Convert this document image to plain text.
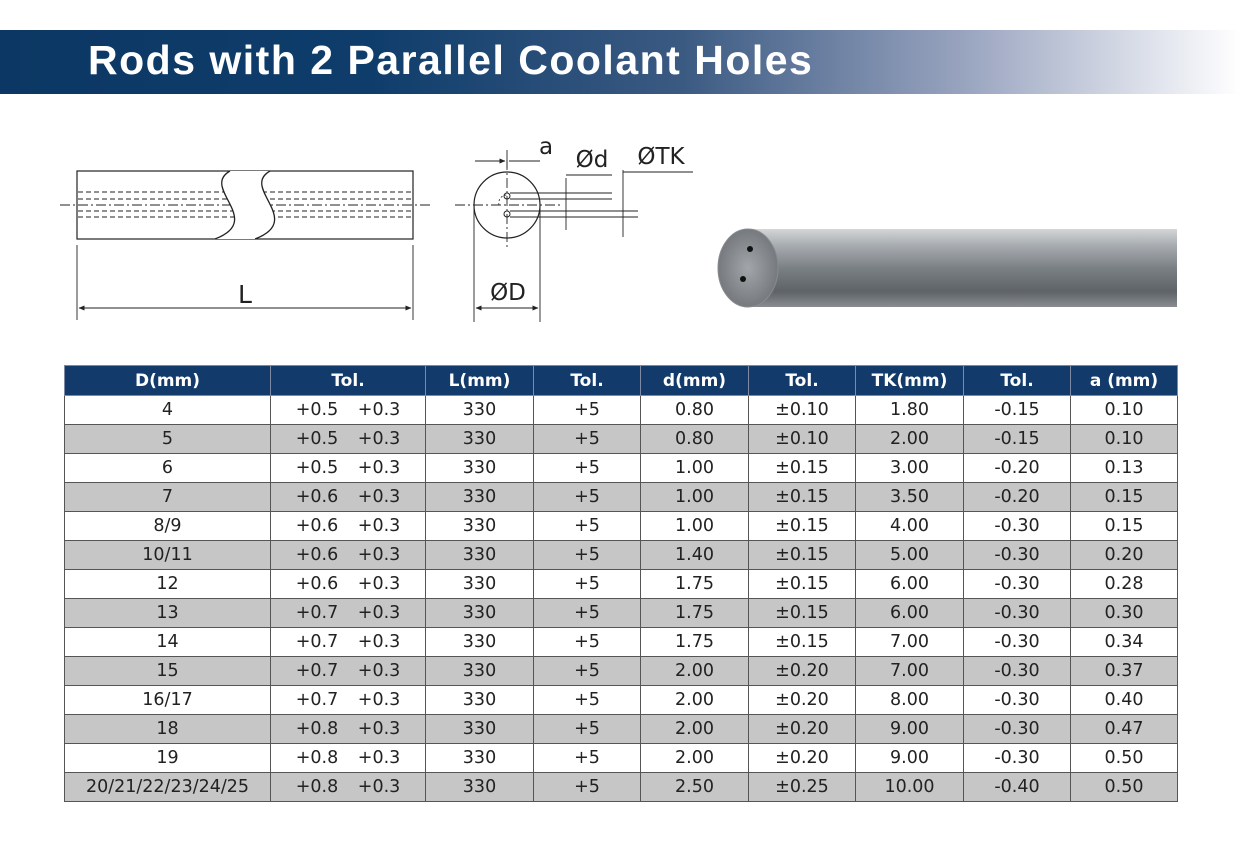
Rods with 2 Parallel Coolant Holes
L
a Ød ØTK
ØD
D(mm)	Tol.	L(mm)	Tol.	d(mm)	Tol.	TK(mm)	Tol.	a (mm)
4	+0.5 +0.3	330	+5	0.80	±0.10	1.80	-0.15	0.10
5	+0.5 +0.3	330	+5	0.80	±0.10	2.00	-0.15	0.10
6	+0.5 +0.3	330	+5	1.00	±0.15	3.00	-0.20	0.13
7	+0.6 +0.3	330	+5	1.00	±0.15	3.50	-0.20	0.15
8/9	+0.6 +0.3	330	+5	1.00	±0.15	4.00	-0.30	0.15
10/11	+0.6 +0.3	330	+5	1.40	±0.15	5.00	-0.30	0.20
12	+0.6 +0.3	330	+5	1.75	±0.15	6.00	-0.30	0.28
13	+0.7 +0.3	330	+5	1.75	±0.15	6.00	-0.30	0.30
14	+0.7 +0.3	330	+5	1.75	±0.15	7.00	-0.30	0.34
15	+0.7 +0.3	330	+5	2.00	±0.20	7.00	-0.30	0.37
16/17	+0.7 +0.3	330	+5	2.00	±0.20	8.00	-0.30	0.40
18	+0.8 +0.3	330	+5	2.00	±0.20	9.00	-0.30	0.47
19	+0.8 +0.3	330	+5	2.00	±0.20	9.00	-0.30	0.50
20/21/22/23/24/25	+0.8 +0.3	330	+5	2.50	±0.25	10.00	-0.40	0.50
